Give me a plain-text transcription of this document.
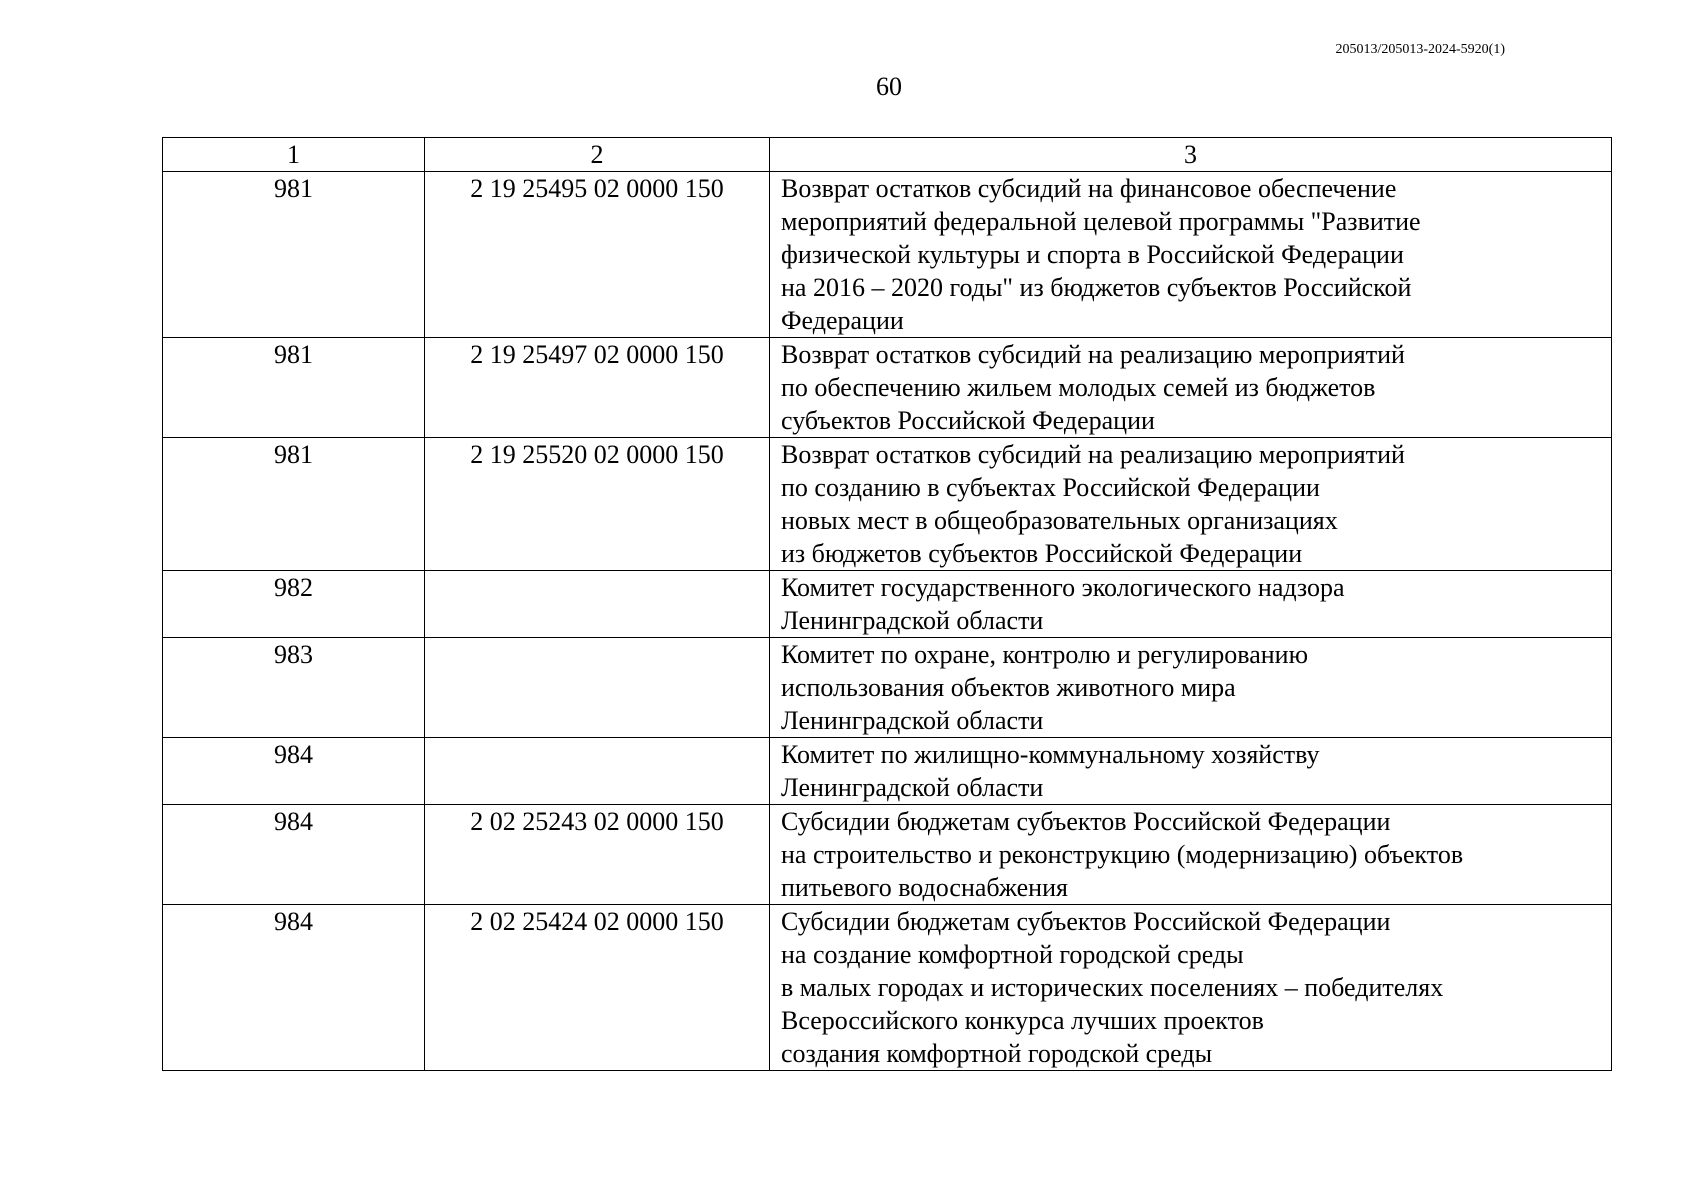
205013/205013-2024-5920(1)
60
1	2	3
981	2 19 25495 02 0000 150	Возврат остатков субсидий на финансовое обеспечение
мероприятий федеральной целевой программы "Развитие
физической культуры и спорта в Российской Федерации
на 2016 – 2020 годы" из бюджетов субъектов Российской
Федерации

981	2 19 25497 02 0000 150	Возврат остатков субсидий на реализацию мероприятий
по обеспечению жильем молодых семей из бюджетов
субъектов Российской Федерации

981	2 19 25520 02 0000 150	Возврат остатков субсидий на реализацию мероприятий
по созданию в субъектах Российской Федерации
новых мест в общеобразовательных организациях
из бюджетов субъектов Российской Федерации

982		Комитет государственного экологического надзора
Ленинградской области

983		Комитет по охране, контролю и регулированию
использования объектов животного мира
Ленинградской области

984		Комитет по жилищно-коммунальному хозяйству
Ленинградской области

984	2 02 25243 02 0000 150	Субсидии бюджетам субъектов Российской Федерации
на строительство и реконструкцию (модернизацию) объектов
питьевого водоснабжения

984	2 02 25424 02 0000 150	Субсидии бюджетам субъектов Российской Федерации
на создание комфортной городской среды
в малых городах и исторических поселениях – победителях
Всероссийского конкурса лучших проектов
создания комфортной городской среды
